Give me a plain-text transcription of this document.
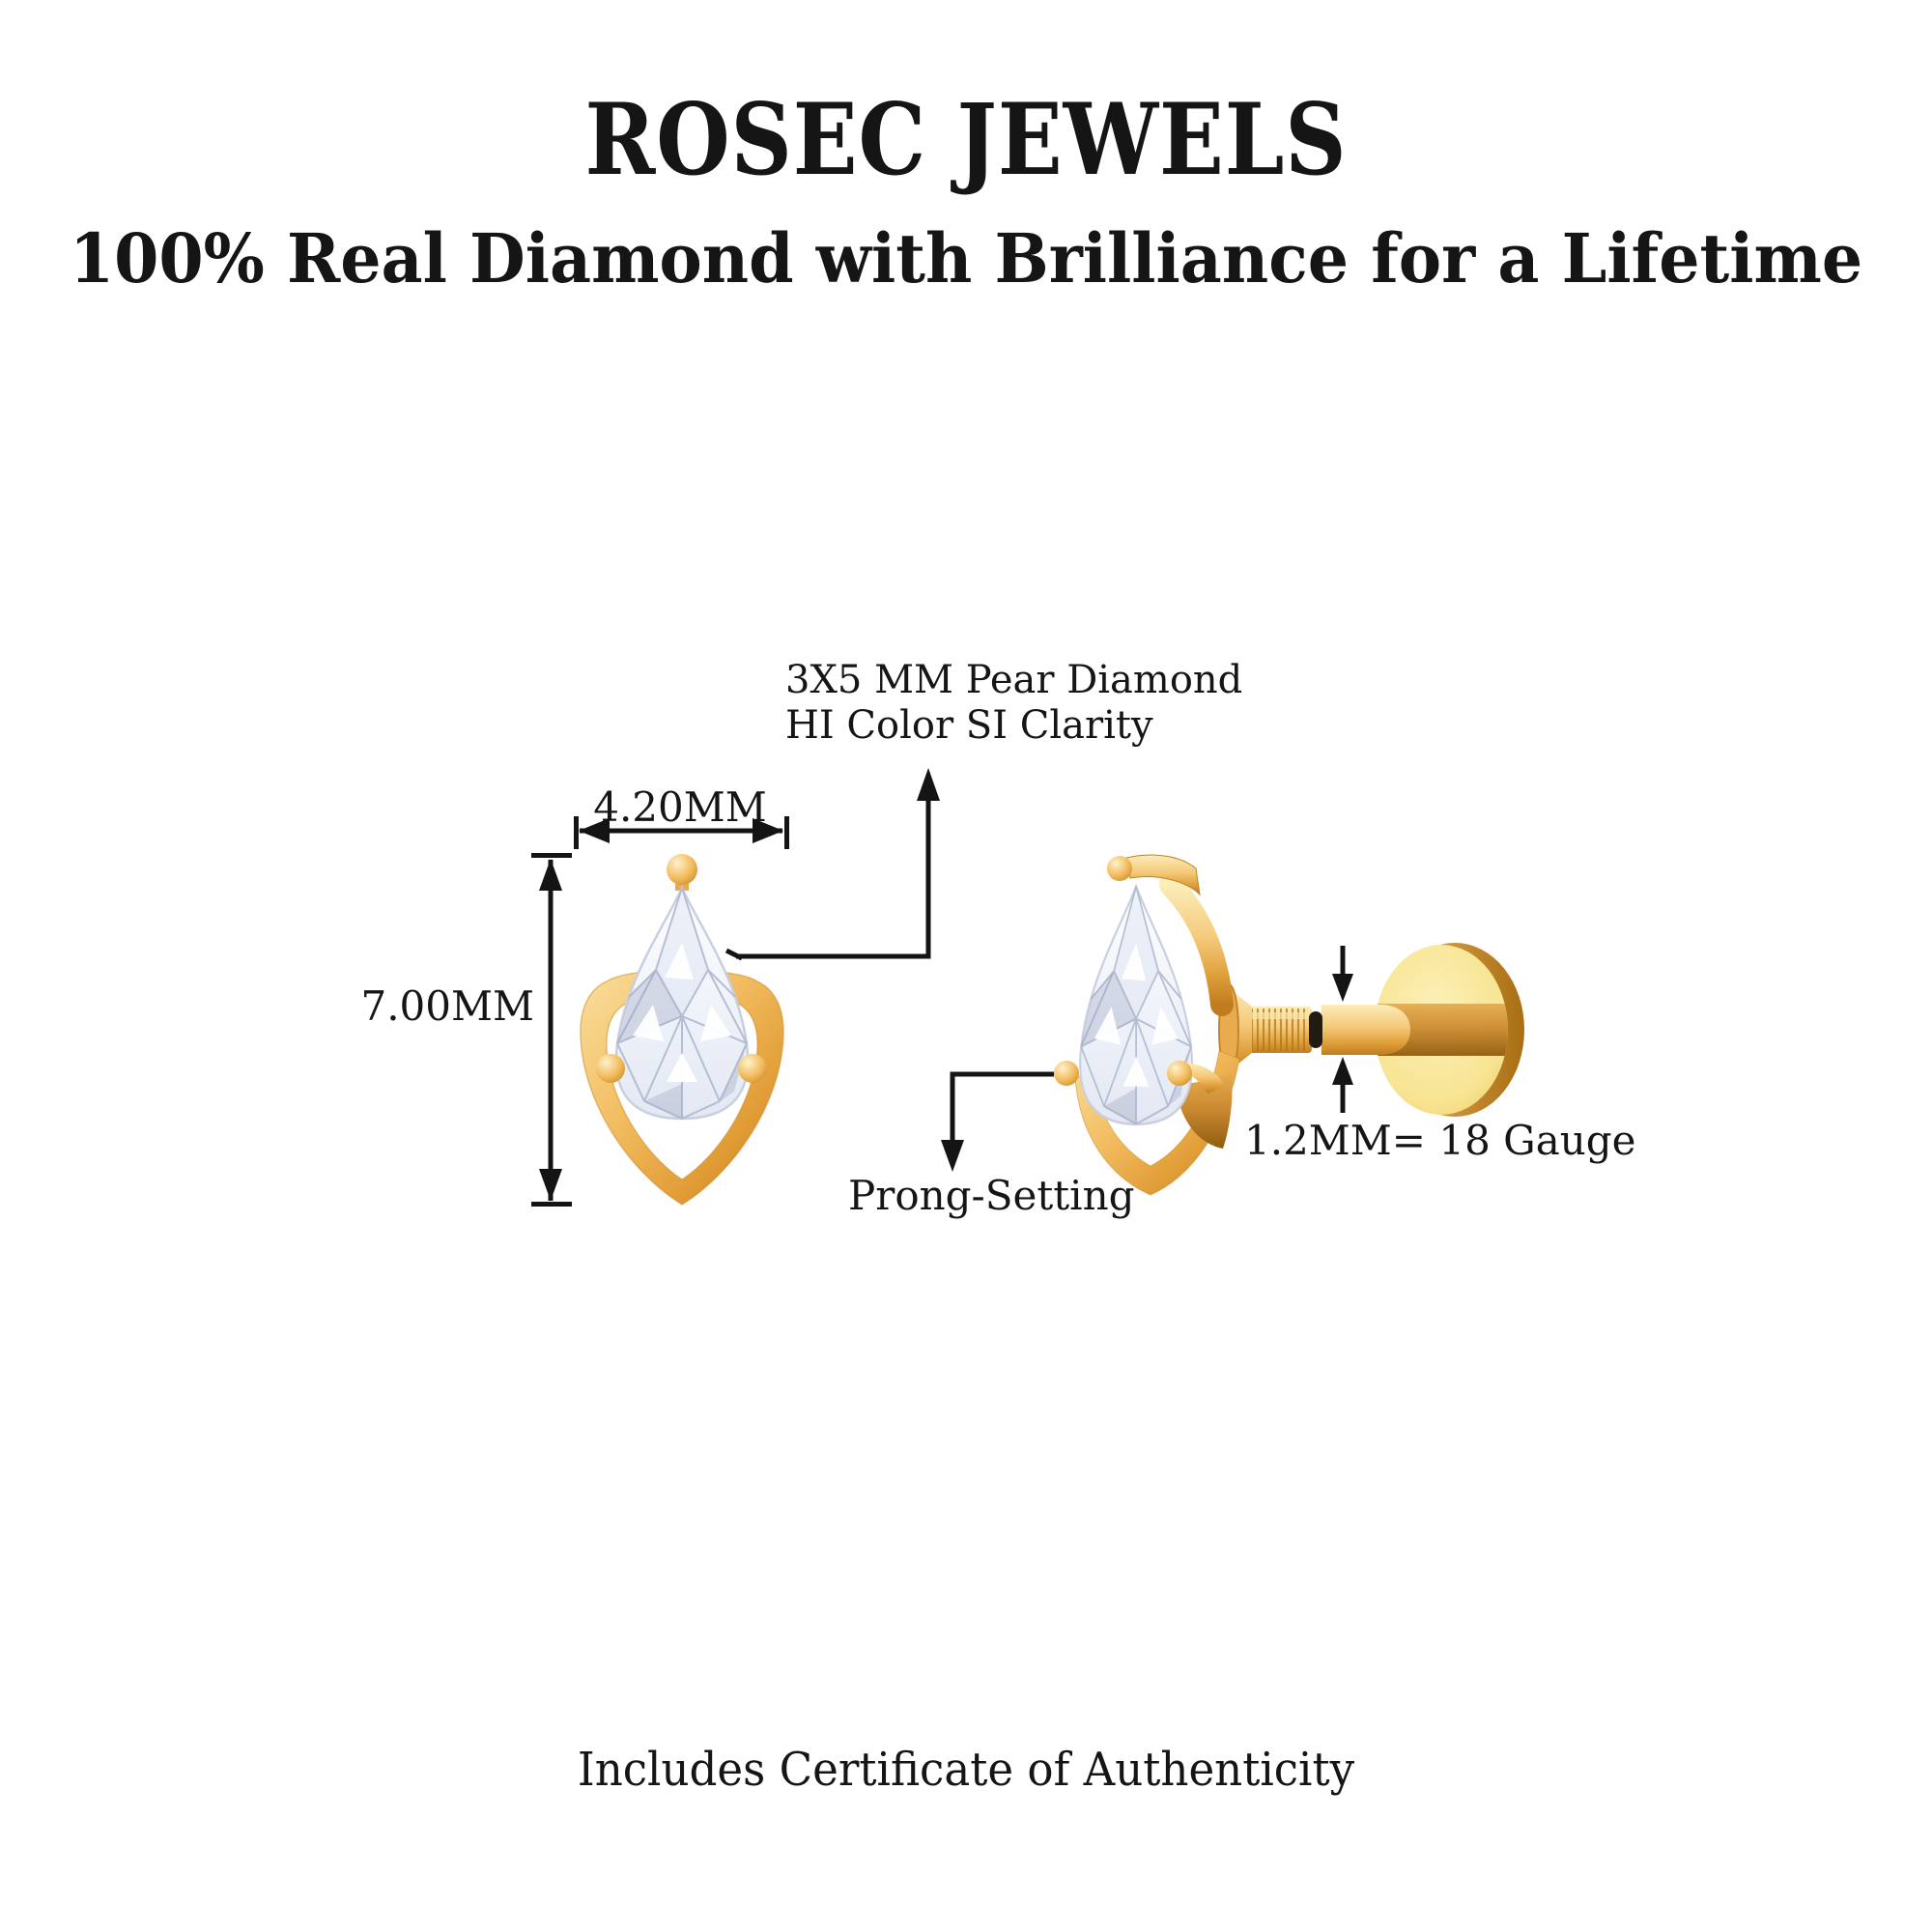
ROSEC JEWELS
100% Real Diamond with Brilliance for a Lifetime
3X5 MM Pear Diamond
HI Color SI Clarity
4.20MM
7.00MM
1.2MM= 18 Gauge
Prong-Setting
Includes Certificate of Authenticity
